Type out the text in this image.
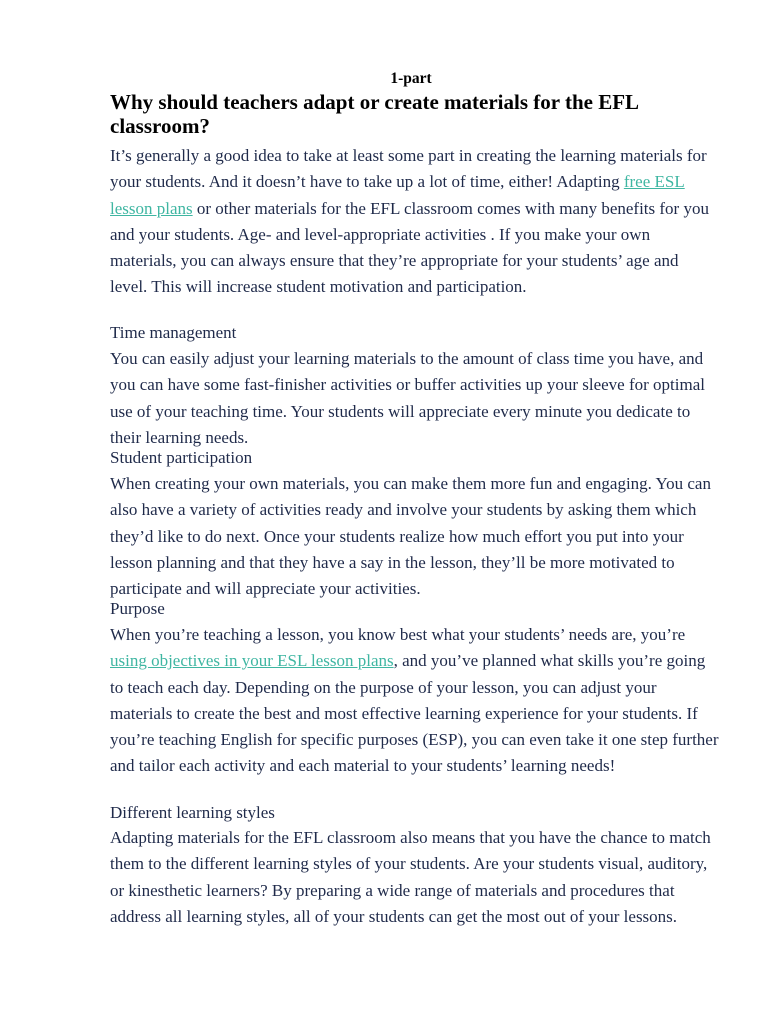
1-part
Why should teachers adapt or create materials for the EFL classroom?

It’s generally a good idea to take at least some part in creating the learning materials for your students. And it doesn’t have to take up a lot of time, either! Adapting free ESL lesson plans or other materials for the EFL classroom comes with many benefits for you and your students. Age- and level-appropriate activities . If you make your own materials, you can always ensure that they’re appropriate for your students’ age and level. This will increase student motivation and participation.

Time management

You can easily adjust your learning materials to the amount of class time you have, and you can have some fast-finisher activities or buffer activities up your sleeve for optimal use of your teaching time. Your students will appreciate every minute you dedicate to their learning needs.

Student participation

When creating your own materials, you can make them more fun and engaging. You can also have a variety of activities ready and involve your students by asking them which they’d like to do next. Once your students realize how much effort you put into your lesson planning and that they have a say in the lesson, they’ll be more motivated to participate and will appreciate your activities.

Purpose

When you’re teaching a lesson, you know best what your students’ needs are, you’re using objectives in your ESL lesson plans, and you’ve planned what skills you’re going to teach each day. Depending on the purpose of your lesson, you can adjust your materials to create the best and most effective learning experience for your students. If you’re teaching English for specific purposes (ESP), you can even take it one step further and tailor each activity and each material to your students’ learning needs!

Different learning styles

Adapting materials for the EFL classroom also means that you have the chance to match them to the different learning styles of your students. Are your students visual, auditory, or kinesthetic learners? By preparing a wide range of materials and procedures that address all learning styles, all of your students can get the most out of your lessons.
